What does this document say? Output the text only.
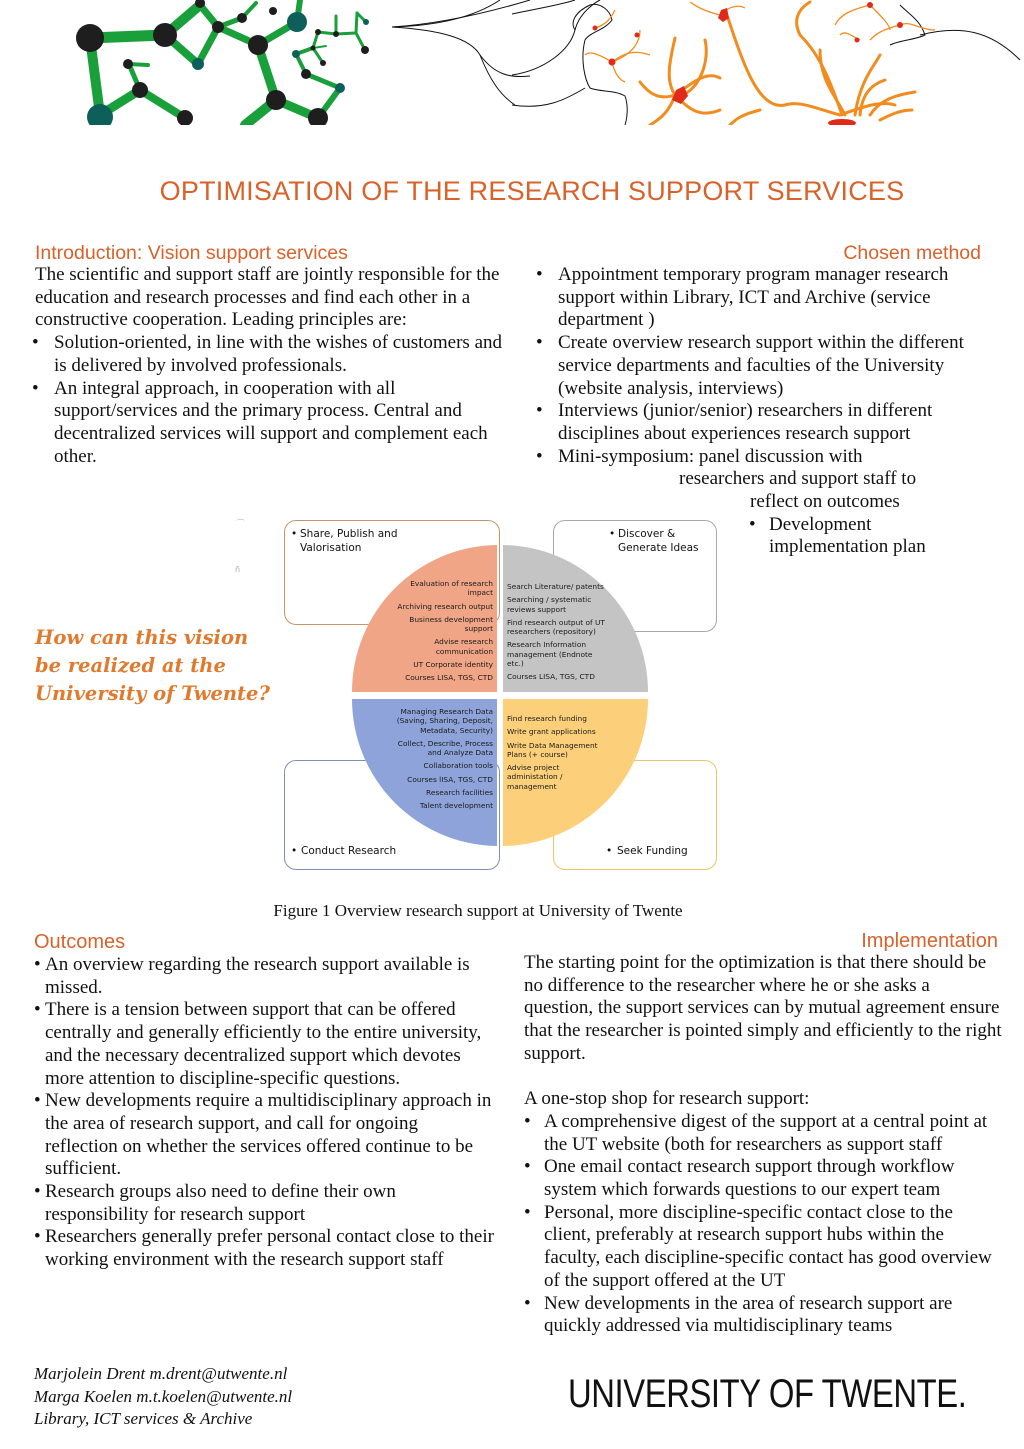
OPTIMISATION OF THE RESEARCH SUPPORT SERVICES
Introduction: Vision support services
The scientific and support staff are jointly responsible for the education and research processes and find each other in a constructive cooperation. Leading principles are:
• Solution-oriented, in line with the wishes of customers and is delivered by involved professionals.
• An integral approach, in cooperation with all support/services and the primary process. Central and decentralized services will support and complement each other.
Chosen method
• Appointment temporary program manager research support within Library, ICT and Archive (service department )
• Create overview research support within the different service departments and faculties of the University (website analysis, interviews)
• Interviews (junior/senior) researchers in different disciplines about experiences research support
• Mini-symposium: panel discussion with
researchers and support staff to
reflect on outcomes
• Development
implementation plan
How can this vision
be realized at the
University of Twente?
⌒
ñ
• Share, Publish and
Valorisation
• Discover &
Generate Ideas
• Conduct Research	• Seek Funding
Evaluation of research impact
Archiving research output
Business development support
Advise research communication
UT Corporate identity
Courses LISA, TGS, CTD
Search Literature/ patents
Searching / systematic reviews support
Find research output of UT researchers (repository)
Research Information management (Endnote etc.)
Courses LISA, TGS, CTD
Managing Research Data (Saving, Sharing, Deposit, Metadata, Security)
Collect, Describe, Process and Analyze Data
Collaboration tools
Courses lISA, TGS, CTD
Research facilities
Talent development
Find research funding
Write grant applications
Write Data Management Plans (+ course)
Advise project administation / management
Figure 1 Overview research support at University of Twente
Outcomes
• An overview regarding the research support available is missed.
• There is a tension between support that can be offered centrally and generally efficiently to the entire university, and the necessary decentralized support which devotes more attention to discipline-specific questions.
• New developments require a multidisciplinary approach in the area of research support, and call for ongoing reflection on whether the services offered continue to be sufficient.
• Research groups also need to define their own responsibility for research support
• Researchers generally prefer personal contact close to their working environment with the research support staff
Implementation
The starting point for the optimization is that there should be no difference to the researcher where he or she asks a question, the support services can by mutual agreement ensure that the researcher is pointed simply and efficiently to the right support.
A one-stop shop for research support:
• A comprehensive digest of the support at a central point at the UT website (both for researchers as support staff
• One email contact research support through workflow system which forwards questions to our expert team
• Personal, more discipline-specific contact close to the client, preferably at research support hubs within the faculty, each discipline-specific contact has good overview of the support offered at the UT
• New developments in the area of research support are quickly addressed via multidisciplinary teams
Marjolein Drent m.drent@utwente.nl
Marga Koelen m.t.koelen@utwente.nl
Library, ICT services & Archive
UNIVERSITY OF TWENTE.
